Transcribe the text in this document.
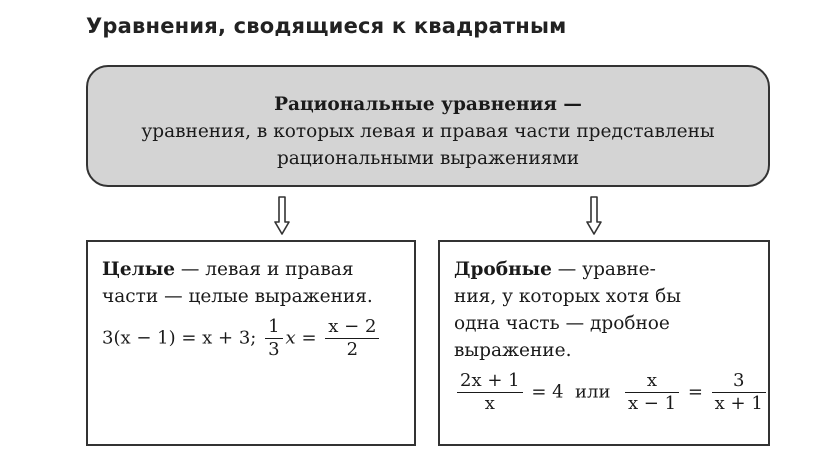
Уравнения, сводящиеся к квадратным
Рациональные уравнения —
уравнения, в которых левая и правая части представлены
рациональными выражениями
Целые — левая и правая
части — целые выражения.
3(x − 1) = x + 3; $\frac{1}{3}$ $x = \frac{x - 2}{2}$
Дробные — уравне-
ния, у которых хотя бы
одна часть — дробное
выражение.
$\frac{2x + 1}{x} = 4$ или $\frac{x}{x - 1} = \frac{3}{x + 1}$
